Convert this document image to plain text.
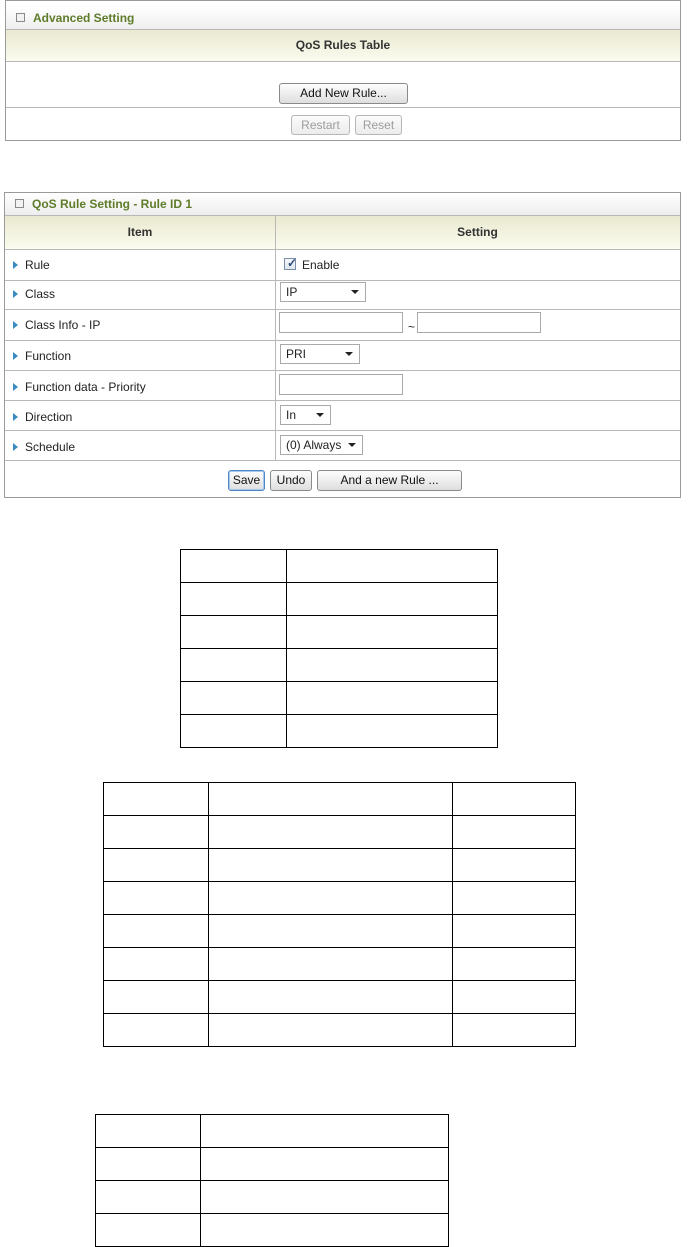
Advanced Setting
QoS Rules Table
Add New Rule...
Restart	Reset
QoS Rule Setting - Rule ID 1
Item	Setting
Rule	✓ Enable
Class	IP
Class Info - IP	~
Function	PRI
Function data - Priority
Direction	In
Schedule	(0) Always
Save	Undo	And a new Rule ...
